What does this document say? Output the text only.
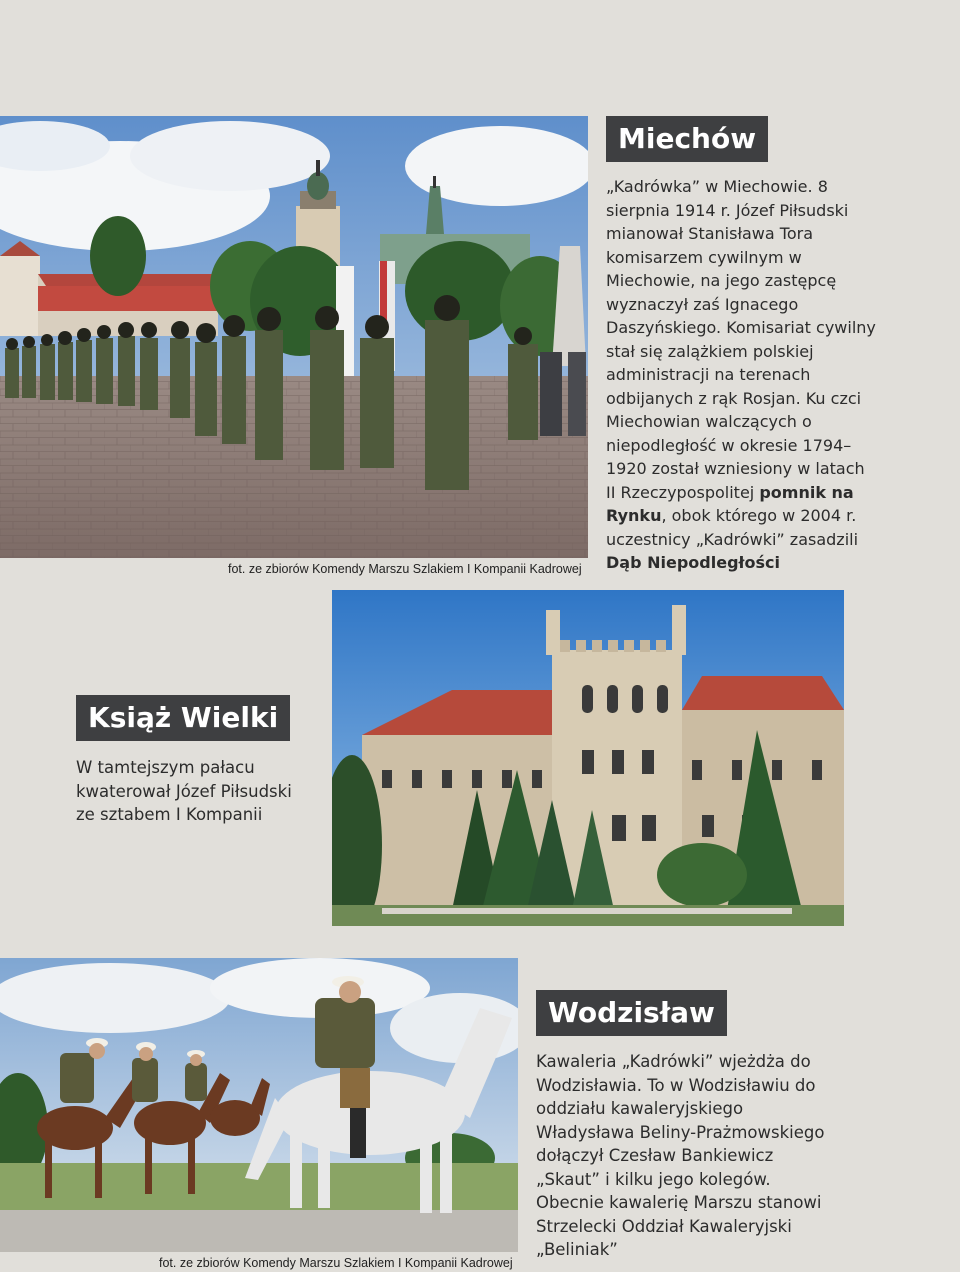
fot. ze zbiorów Komendy Marszu Szlakiem I Kompanii Kadrowej
Miechów
„Kadrówka” w Miechowie. 8 sierpnia 1914 r. Józef Piłsudski mianował Stanisława Tora komisarzem cywilnym w Miechowie, na jego zastępcę wyznaczył zaś Ignacego Daszyńskiego. Komisariat cywilny stał się zalążkiem polskiej administracji na terenach odbijanych z rąk Rosjan. Ku czci Miechowian walczących o niepodległość w okresie 1794–1920 został wzniesiony w latach II Rzeczypospolitej pomnik na Rynku, obok którego w 2004 r. uczestnicy „Kadrówki” zasadzili Dąb Niepodległości
Książ Wielki
W tamtejszym pałacu kwaterował Józef Piłsudski ze sztabem I Kompanii
fot. ze zbiorów Komendy Marszu Szlakiem I Kompanii Kadrowej
Wodzisław
Kawaleria „Kadrówki” wjeżdża do Wodzisławia. To w Wodzisławiu do oddziału kawaleryjskiego Władysława Beliny-Prażmowskiego dołączył Czesław Bankiewicz „Skaut” i kilku jego kolegów. Obecnie kawalerię Marszu stanowi Strzelecki Oddział Kawaleryjski „Beliniak”
